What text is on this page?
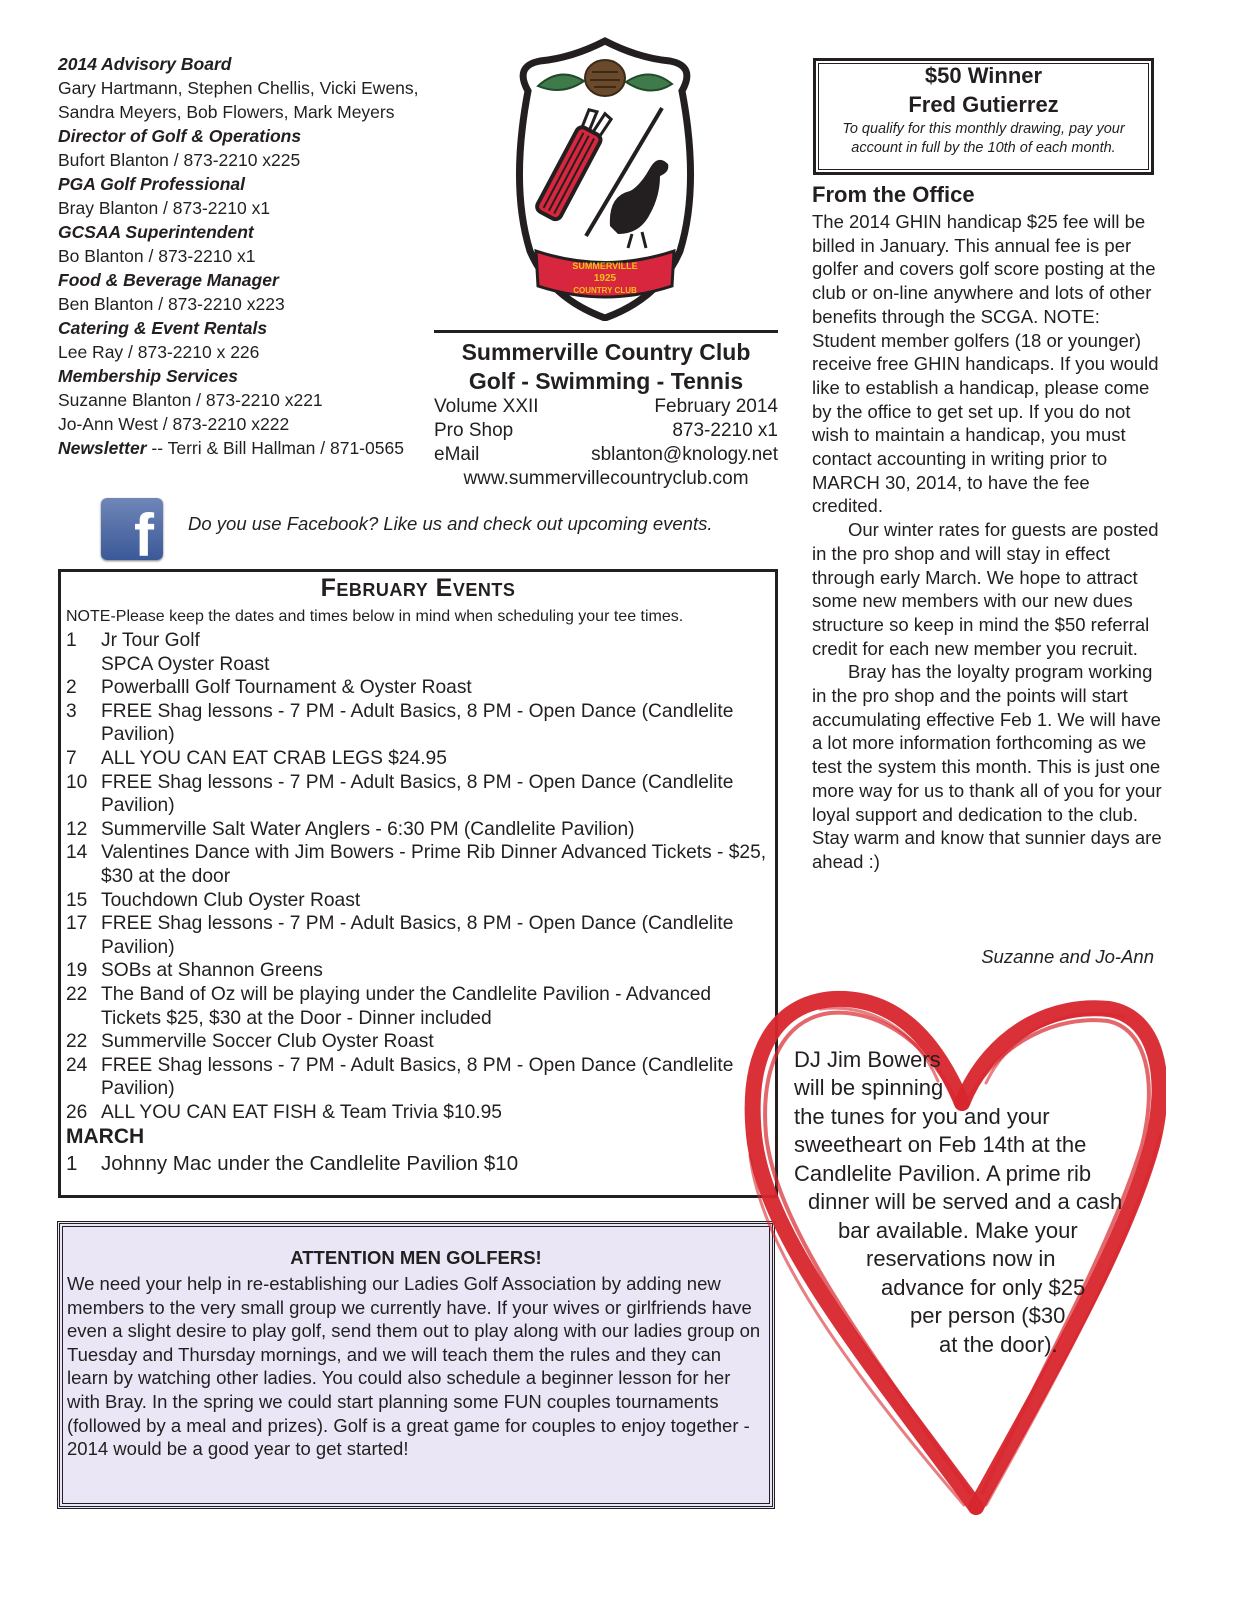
2014 Advisory Board
Gary Hartmann, Stephen Chellis, Vicki Ewens,
Sandra Meyers, Bob Flowers, Mark Meyers
Director of Golf & Operations
Bufort Blanton / 873-2210 x225
PGA Golf Professional
Bray Blanton / 873-2210 x1
GCSAA Superintendent
Bo Blanton / 873-2210 x1
Food & Beverage Manager
Ben Blanton / 873-2210 x223
Catering & Event Rentals
Lee Ray / 873-2210 x 226
Membership Services
Suzanne Blanton / 873-2210 x221
Jo-Ann West / 873-2210 x222
Newsletter -- Terri & Bill Hallman / 871-0565
SUMMERVILLE
1925
COUNTRY CLUB
Summerville Country Club
Golf - Swimming - Tennis
Volume XXII	February 2014
Pro Shop	873-2210 x1
eMail	sblanton@knology.net
www.summervillecountryclub.com
f Do you use Facebook? Like us and check out upcoming events.
February Events
NOTE-Please keep the dates and times below in mind when scheduling your tee times.
1	Jr Tour Golf
SPCA Oyster Roast
2	Powerballl Golf Tournament & Oyster Roast
3	FREE Shag lessons - 7 PM - Adult Basics, 8 PM - Open Dance (Candlelite Pavilion)
7	ALL YOU CAN EAT CRAB LEGS $24.95
10 FREE Shag lessons - 7 PM - Adult Basics, 8 PM - Open Dance (Candlelite Pavilion)
12 Summerville Salt Water Anglers - 6:30 PM (Candlelite Pavilion)
14 Valentines Dance with Jim Bowers - Prime Rib Dinner Advanced Tickets - $25, $30 at the door
15 Touchdown Club Oyster Roast
17 FREE Shag lessons - 7 PM - Adult Basics, 8 PM - Open Dance (Candlelite Pavilion)
19 SOBs at Shannon Greens
22 The Band of Oz will be playing under the Candlelite Pavilion - Advanced Tickets $25, $30 at the Door - Dinner included
22 Summerville Soccer Club Oyster Roast
24 FREE Shag lessons - 7 PM - Adult Basics, 8 PM - Open Dance (Candlelite Pavilion)
26 ALL YOU CAN EAT FISH & Team Trivia $10.95
MARCH
1	Johnny Mac under the Candlelite Pavilion $10
ATTENTION MEN GOLFERS!
We need your help in re-establishing our Ladies Golf Association by adding new members to the very small group we currently have. If your wives or girlfriends have even a slight desire to play golf, send them out to play along with our ladies group on Tuesday and Thursday mornings, and we will teach them the rules and they can learn by watching other ladies. You could also schedule a beginner lesson for her with Bray. In the spring we could start planning some FUN couples tournaments (followed by a meal and prizes). Golf is a great game for couples to enjoy together - 2014 would be a good year to get started!
$50 Winner
Fred Gutierrez
To qualify for this monthly drawing, pay your account in full by the 10th of each month.
From the Office

The 2014 GHIN handicap $25 fee will be billed in January. This annual fee is per golfer and covers golf score posting at the club or on-line anywhere and lots of other benefits through the SCGA. NOTE: Student member golfers (18 or younger) receive free GHIN handicaps. If you would like to establish a handicap, please come by the office to get set up. If you do not wish to maintain a handicap, you must contact accounting in writing prior to MARCH 30, 2014, to have the fee credited.

Our winter rates for guests are posted in the pro shop and will stay in effect through early March. We hope to attract some new members with our new dues structure so keep in mind the $50 referral credit for each new member you recruit.

Bray has the loyalty program working in the pro shop and the points will start accumulating effective Feb 1. We will have a lot more information forthcoming as we test the system this month. This is just one more way for us to thank all of you for your loyal support and dedication to the club. Stay warm and know that sunnier days are ahead :)

Suzanne and Jo-Ann
DJ Jim Bowers
will be spinning
the tunes for you and your
sweetheart on Feb 14th at the
Candlelite Pavilion. A prime rib
dinner will be served and a cash
bar available. Make your
reservations now in
advance for only $25
per person ($30
at the door).
